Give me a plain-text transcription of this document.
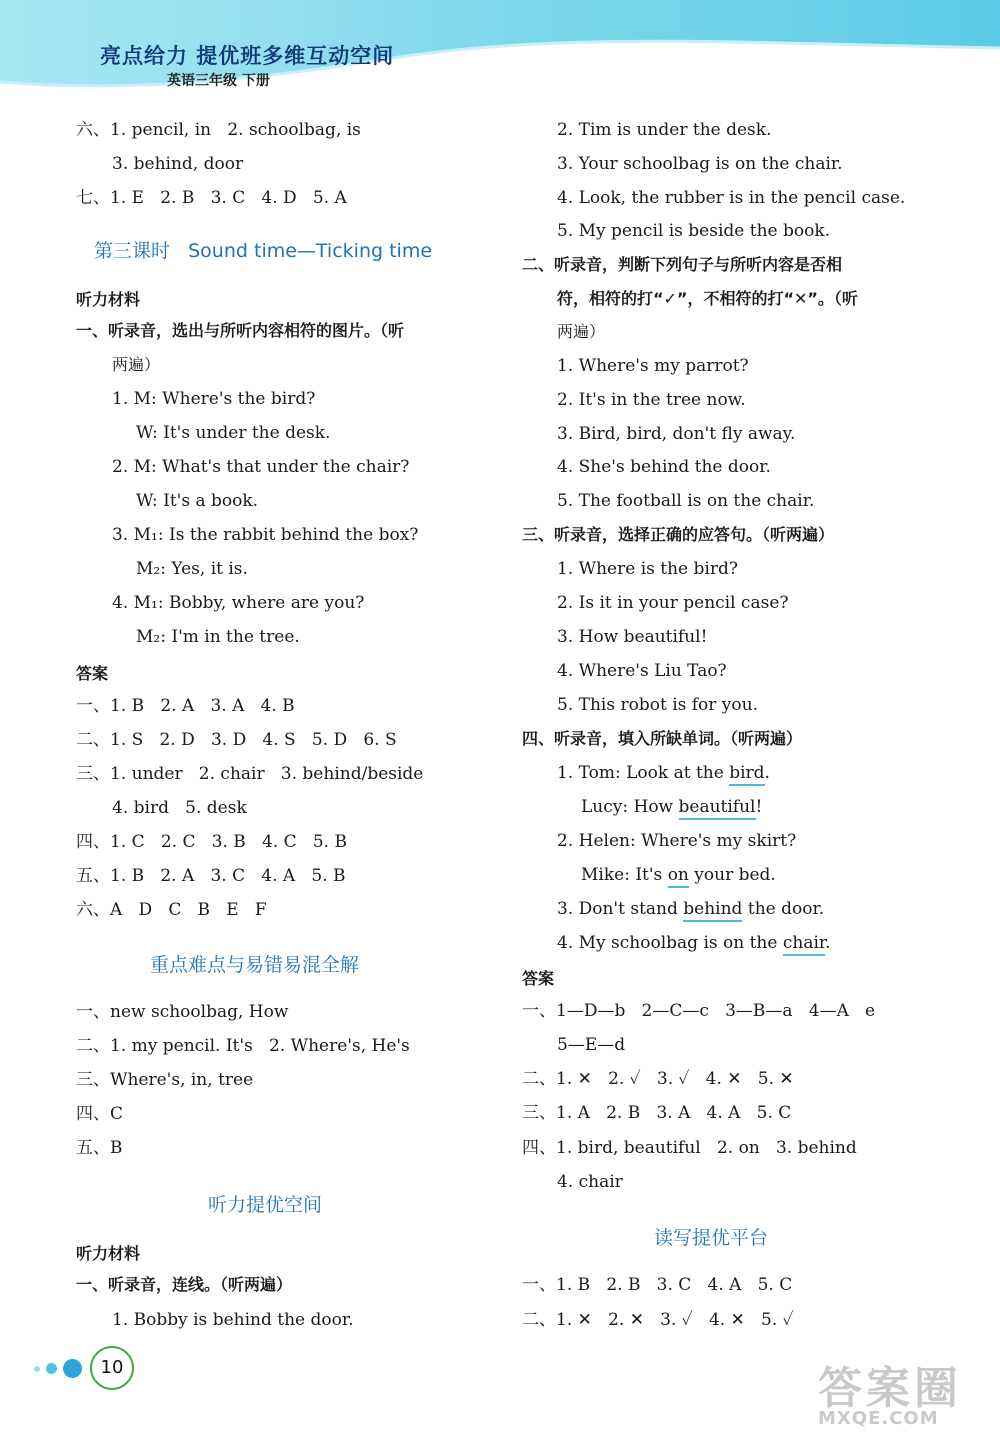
亮点给力 提优班多维互动空间
英语三年级 下册
六、1. pencil, in   2. schoolbag, is
3. behind, door
七、1. E   2. B   3. C   4. D   5. A
第三课时   Sound time—Ticking time
听力材料
一、听录音，选出与所听内容相符的图片。（听
两遍）
1. M: Where's the bird?
W: It's under the desk.
2. M: What's that under the chair?
W: It's a book.
3. M₁: Is the rabbit behind the box?
M₂: Yes, it is.
4. M₁: Bobby, where are you?
M₂: I'm in the tree.
答案
一、1. B   2. A   3. A   4. B
二、1. S   2. D   3. D   4. S   5. D   6. S
三、1. under   2. chair   3. behind/beside
4. bird   5. desk
四、1. C   2. C   3. B   4. C   5. B
五、1. B   2. A   3. C   4. A   5. B
六、A   D   C   B   E   F
重点难点与易错易混全解
一、new schoolbag, How
二、1. my pencil. It's   2. Where's, He's
三、Where's, in, tree
四、C
五、B
听力提优空间
听力材料
一、听录音，连线。（听两遍）
1. Bobby is behind the door.
2. Tim is under the desk.
3. Your schoolbag is on the chair.
4. Look, the rubber is in the pencil case.
5. My pencil is beside the book.
二、听录音，判断下列句子与所听内容是否相
符，相符的打“✓”，不相符的打“✕”。（听
两遍）
1. Where's my parrot?
2. It's in the tree now.
3. Bird, bird, don't fly away.
4. She's behind the door.
5. The football is on the chair.
三、听录音，选择正确的应答句。（听两遍）
1. Where is the bird?
2. Is it in your pencil case?
3. How beautiful!
4. Where's Liu Tao?
5. This robot is for you.
四、听录音，填入所缺单词。（听两遍）
1. Tom: Look at the bird.
Lucy: How beautiful!
2. Helen: Where's my skirt?
Mike: It's on your bed.
3. Don't stand behind the door.
4. My schoolbag is on the chair.
答案
一、1—D—b   2—C—c   3—B—a   4—A   e
5—E—d
二、1. ✕   2. ✓   3. ✓   4. ✕   5. ✕
三、1. A   2. B   3. A   4. A   5. C
四、1. bird, beautiful   2. on   3. behind
4. chair
读写提优平台
一、1. B   2. B   3. C   4. A   5. C
二、1. ✕   2. ✕   3. ✓   4. ✕   5. ✓
10	答案圈
MXQE.COM
